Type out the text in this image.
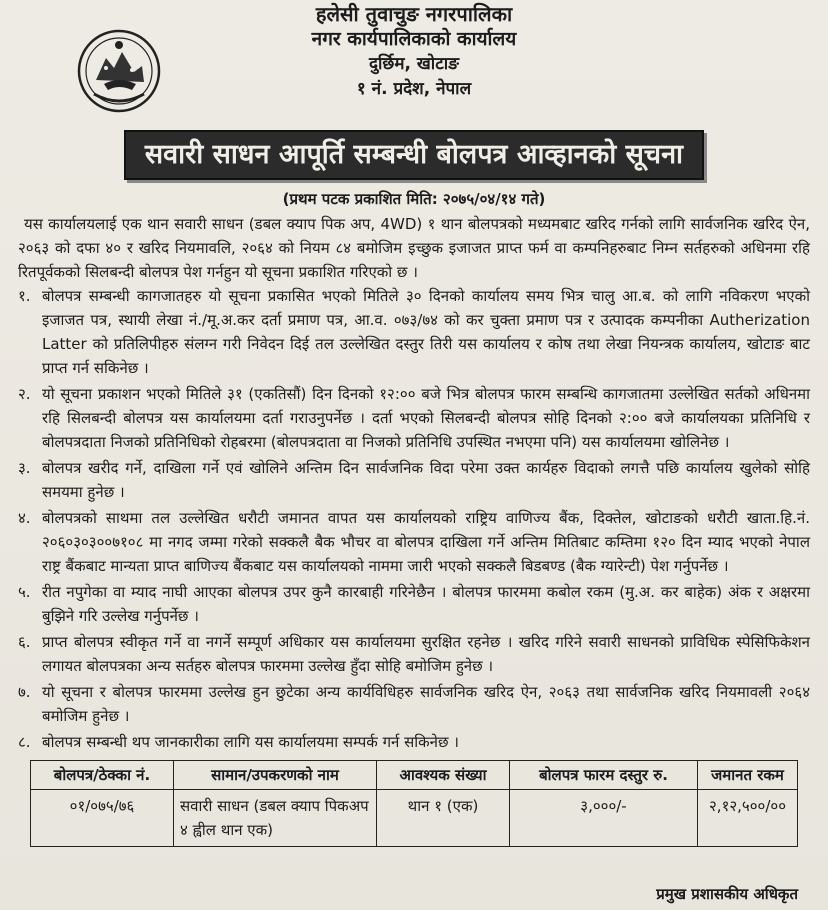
हलेसी तुवाचुङ नगरपालिका
नगर कार्यपालिकाको कार्यालय
दुर्छिम, खोटाङ
१ नं. प्रदेश, नेपाल
सवारी साधन आपूर्ति सम्बन्धी बोलपत्र आव्हानको सूचना
(प्रथम पटक प्रकाशित मिति: २०७५/०४/१४ गते)
यस कार्यालयलाई एक थान सवारी साधन (डबल क्याप पिक अप, 4WD) १ थान बोलपत्रको मध्यमबाट खरिद गर्नको लागि सार्वजनिक खरिद ऐन, २०६३ को दफा ४० र खरिद नियमावलि, २०६४ को नियम ८४ बमोजिम इच्छुक इजाजत प्राप्त फर्म वा कम्पनिहरुबाट निम्न सर्तहरुको अधिनमा रहि रितपूर्वकको सिलबन्दी बोलपत्र पेश गर्नहुन यो सूचना प्रकाशित गरिएको छ ।
१. बोलपत्र सम्बन्धी कागजातहरु यो सूचना प्रकासित भएको मितिले ३० दिनको कार्यालय समय भित्र चालु आ.ब. को लागि नविकरण भएको इजाजत पत्र, स्थायी लेखा नं./मू.अ.कर दर्ता प्रमाण पत्र, आ.व. ०७३/७४ को कर चुक्ता प्रमाण पत्र र उत्पादक कम्पनीका Autherization Latter को प्रतिलिपीहरु संलग्न गरी निवेदन दिई तल उल्लेखित दस्तुर तिरी यस कार्यालय र कोष तथा लेखा नियन्त्रक कार्यालय, खोटाङ बाट प्राप्त गर्न सकिनेछ ।
२. यो सूचना प्रकाशन भएको मितिले ३१ (एकतिसौं) दिन दिनको १२:०० बजे भित्र बोलपत्र फारम सम्बन्धि कागजातमा उल्लेखित सर्तको अधिनमा रहि सिलबन्दी बोलपत्र यस कार्यालयमा दर्ता गराउनुपर्नेछ । दर्ता भएको सिलबन्दी बोलपत्र सोहि दिनको २:०० बजे कार्यालयका प्रतिनिधि र बोलपत्रदाता निजको प्रतिनिधिको रोहबरमा (बोलपत्रदाता वा निजको प्रतिनिधि उपस्थित नभएमा पनि) यस कार्यालयमा खोलिनेछ ।
३. बोलपत्र खरीद गर्ने, दाखिला गर्ने एवं खोलिने अन्तिम दिन सार्वजनिक विदा परेमा उक्त कार्यहरु विदाको लगत्तै पछि कार्यालय खुलेको सोहि समयमा हुनेछ ।
४. बोलपत्रको साथमा तल उल्लेखित धरौटी जमानत वापत यस कार्यालयको राष्ट्रिय वाणिज्य बैंक, दिक्तेल, खोटाङको धरौटी खाता.हि.नं. २०६०३०३००७१०८ मा नगद जम्मा गरेको सक्कलै बैक भौचर वा बोलपत्र दाखिला गर्ने अन्तिम मितिबाट कम्तिमा १२० दिन म्याद भएको नेपाल राष्ट्र बैंकबाट मान्यता प्राप्त बाणिज्य बैंकबाट यस कार्यालयको नाममा जारी भएको सक्कलै बिडबण्ड (बैक ग्यारेन्टी) पेश गर्नुपर्नेछ ।
५. रीत नपुगेका वा म्याद नाघी आएका बोलपत्र उपर कुनै कारबाही गरिनेछैन । बोलपत्र फारममा कबोल रकम (मु.अ. कर बाहेक) अंक र अक्षरमा बुझिने गरि उल्लेख गर्नुपर्नेछ ।
६. प्राप्त बोलपत्र स्वीकृत गर्ने वा नगर्ने सम्पूर्ण अधिकार यस कार्यालयमा सुरक्षित रहनेछ । खरिद गरिने सवारी साधनको प्राविधिक स्पेसिफिकेशन लगायत बोलपत्रका अन्य सर्तहरु बोलपत्र फारममा उल्लेख हुँदा सोहि बमोजिम हुनेछ ।
७. यो सूचना र बोलपत्र फारममा उल्लेख हुन छुटेका अन्य कार्यविधिहरु सार्वजनिक खरिद ऐन, २०६३ तथा सार्वजनिक खरिद नियमावली २०६४ बमोजिम हुनेछ ।
८. बोलपत्र सम्बन्धी थप जानकारीका लागि यस कार्यालयमा सम्पर्क गर्न सकिनेछ ।
बोलपत्र/ठेक्का नं.	सामान/उपकरणको नाम	आवश्यक संख्या	बोलपत्र फारम दस्तुर रु.	जमानत रकम
०१/०७५/७६	सवारी साधन (डबल क्याप पिकअप ४ ह्वील थान एक)	थान १ (एक)	३,०००/-	२,१२,५००/००
प्रमुख प्रशासकीय अधिकृत
